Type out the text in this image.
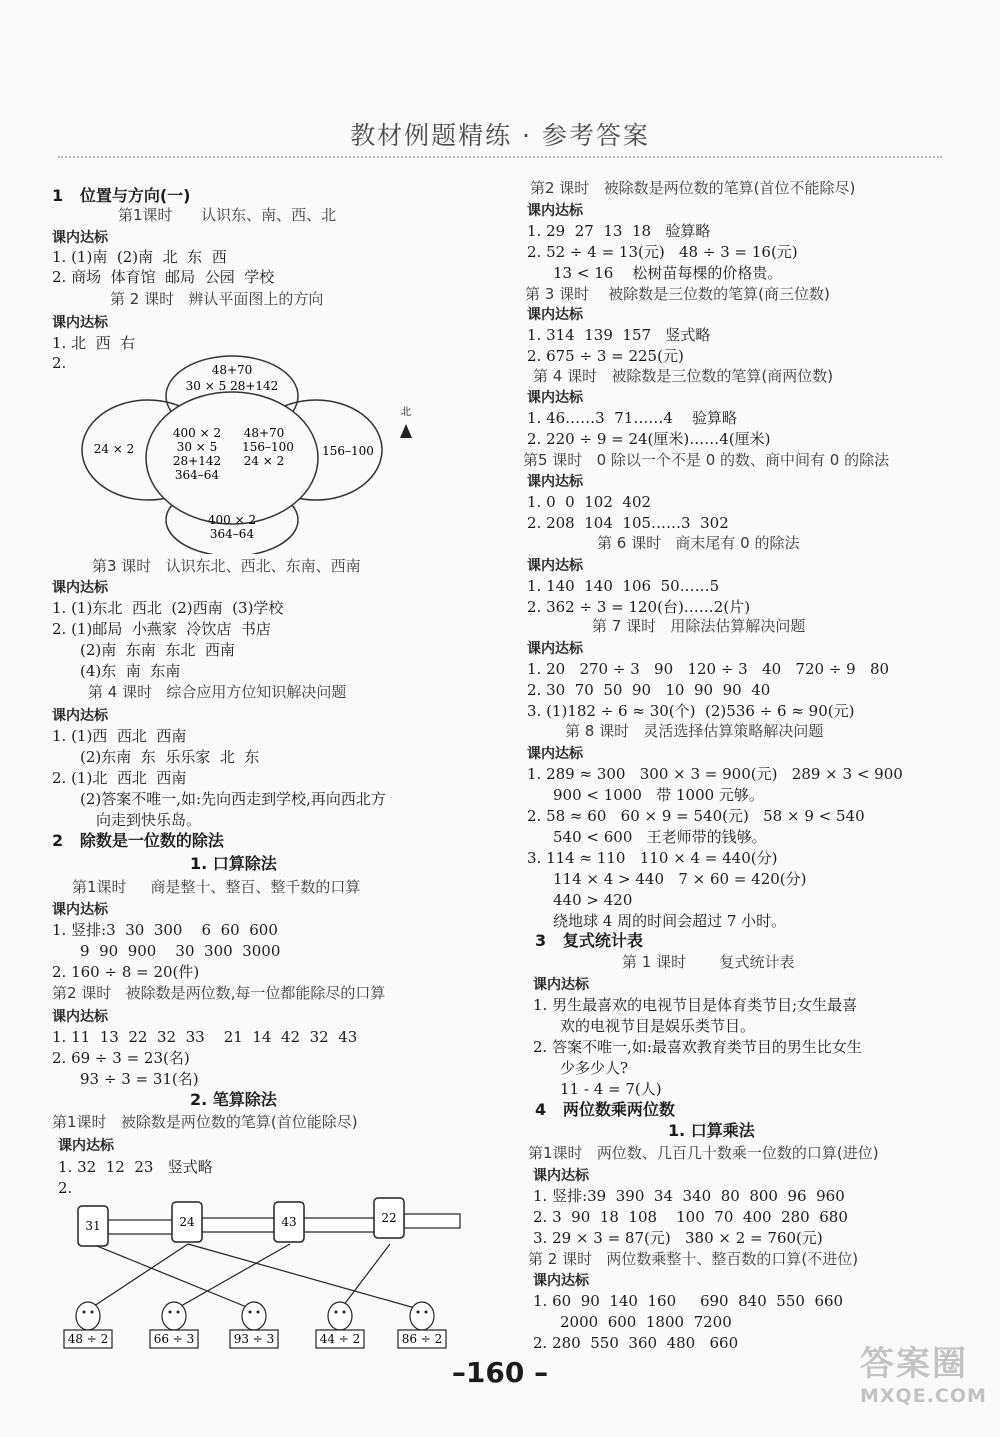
教材例题精练 · 参考答案
1   位置与方向(一)
第1课时      认识东、南、西、北
课内达标
1. (1)南  (2)南  北  东  西
2. 商场  体育馆  邮局  公园  学校
第 2 课时   辨认平面图上的方向
课内达标
1. 北  西  右
2.
第3 课时   认识东北、西北、东南、西南
课内达标
1. (1)东北  西北  (2)西南  (3)学校
2. (1)邮局  小燕家  冷饮店  书店
(2)南  东南  东北  西南
(4)东  南  东南
第 4 课时   综合应用方位知识解决问题
课内达标
1. (1)西  西北  西南
(2)东南  东  乐乐家  北  东
2. (1)北  西北  西南
(2)答案不唯一,如:先向西走到学校,再向西北方
向走到快乐岛。
2   除数是一位数的除法
1. 口算除法
第1课时     商是整十、整百、整千数的口算
课内达标
1. 竖排:3  30  300    6  60  600
9  90  900    30  300  3000
2. 160 ÷ 8 = 20(件)
第2 课时   被除数是两位数,每一位都能除尽的口算
课内达标
1. 11  13  22  32  33    21  14  42  32  43
2. 69 ÷ 3 = 23(名)
93 ÷ 3 = 31(名)
2. 笔算除法
第1课时   被除数是两位数的笔算(首位能除尽)
课内达标
1. 32  12  23   竖式略
2.
第2 课时   被除数是两位数的笔算(首位不能除尽)
课内达标
1. 29  27  13  18   验算略
2. 52 ÷ 4 = 13(元)   48 ÷ 3 = 16(元)
13 < 16    松树苗每棵的价格贵。
第 3 课时    被除数是三位数的笔算(商三位数)
课内达标
1. 314  139  157   竖式略
2. 675 ÷ 3 = 225(元)
第 4 课时   被除数是三位数的笔算(商两位数)
课内达标
1. 46……3  71……4    验算略
2. 220 ÷ 9 = 24(厘米)……4(厘米)
第5 课时   0 除以一个不是 0 的数、商中间有 0 的除法
课内达标
1. 0  0  102  402
2. 208  104  105……3  302
第 6 课时   商末尾有 0 的除法
课内达标
1. 140  140  106  50……5
2. 362 ÷ 3 = 120(台)……2(片)
第 7 课时   用除法估算解决问题
课内达标
1. 20   270 ÷ 3   90   120 ÷ 3   40   720 ÷ 9   80
2. 30  70  50  90   10  90  90  40
3. (1)182 ÷ 6 ≈ 30(个)  (2)536 ÷ 6 ≈ 90(元)
第 8 课时   灵活选择估算策略解决问题
课内达标
1. 289 ≈ 300   300 × 3 = 900(元)   289 × 3 < 900
900 < 1000   带 1000 元够。
2. 58 ≈ 60   60 × 9 = 540(元)   58 × 9 < 540
540 < 600   王老师带的钱够。
3. 114 ≈ 110   110 × 4 = 440(分)
114 × 4 > 440   7 × 60 = 420(分)
440 > 420
绕地球 4 周的时间会超过 7 小时。
3   复式统计表
第 1 课时       复式统计表
课内达标
1. 男生最喜欢的电视节目是体育类节目;女生最喜
欢的电视节目是娱乐类节目。
2. 答案不唯一,如:最喜欢教育类节目的男生比女生
少多少人?
11 - 4 = 7(人)
4   两位数乘两位数
1. 口算乘法
第1课时   两位数、几百几十数乘一位数的口算(进位)
课内达标
1. 竖排:39  390  34  340  80  800  96  960
2. 3  90  18  108    100  70  400  280  680
3. 29 × 3 = 87(元)   380 × 2 = 760(元)
第 2 课时   两位数乘整十、整百数的口算(不进位)
课内达标
1. 60  90  140  160     690  840  550  660
2000  600  1800  7200
2. 280  550  360  480   660
48+70
30 × 5 28+142
24 × 2	156–100
400 × 2
30 × 5
28+142
364–64
48+70
156–100
24 × 2
400 × 2
364–64
北
31	24	43	22
48 ÷ 2	66 ÷ 3	93 ÷ 3	44 ÷ 2	86 ÷ 2
–160 –	答案圈
MXQE.COM
